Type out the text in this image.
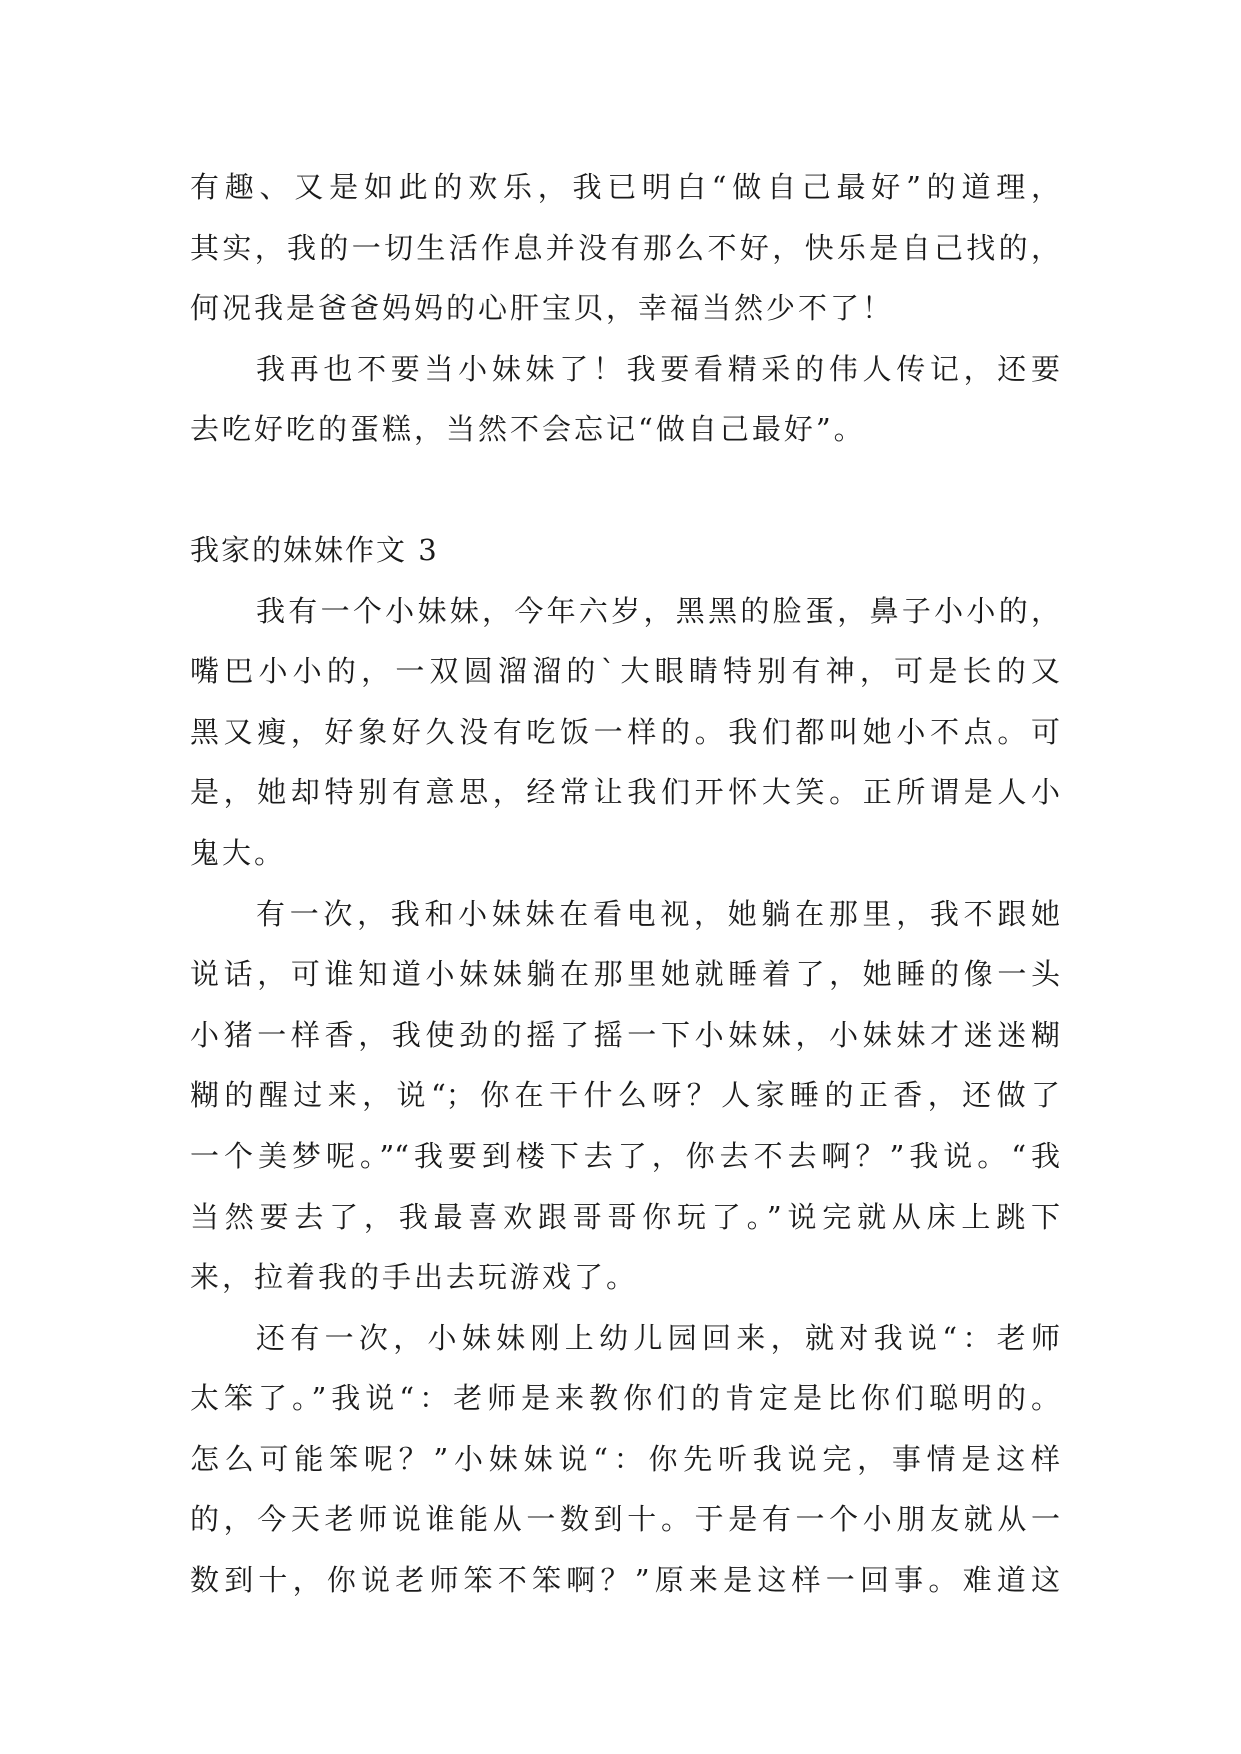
有趣、又是如此的欢乐，我已明白“做自己最好”的道理，
其实，我的一切生活作息并没有那么不好，快乐是自己找的，
何况我是爸爸妈妈的心肝宝贝，幸福当然少不了！
我再也不要当小妹妹了！我要看精采的伟人传记，还要
去吃好吃的蛋糕，当然不会忘记“做自己最好”。
我家的妹妹作文 3
我有一个小妹妹，今年六岁，黑黑的脸蛋，鼻子小小的，
嘴巴小小的，一双圆溜溜的`大眼睛特别有神，可是长的又
黑又瘦，好象好久没有吃饭一样的。我们都叫她小不点。可
是，她却特别有意思，经常让我们开怀大笑。正所谓是人小
鬼大。
有一次，我和小妹妹在看电视，她躺在那里，我不跟她
说话，可谁知道小妹妹躺在那里她就睡着了，她睡的像一头
小猪一样香，我使劲的摇了摇一下小妹妹，小妹妹才迷迷糊
糊的醒过来，说“；你在干什么呀？人家睡的正香，还做了
一个美梦呢。”“我要到楼下去了，你去不去啊？”我说。“我
当然要去了，我最喜欢跟哥哥你玩了。”说完就从床上跳下
来，拉着我的手出去玩游戏了。
还有一次，小妹妹刚上幼儿园回来，就对我说“：老师
太笨了。”我说“：老师是来教你们的肯定是比你们聪明的。
怎么可能笨呢？”小妹妹说“：你先听我说完，事情是这样
的，今天老师说谁能从一数到十。于是有一个小朋友就从一
数到十，你说老师笨不笨啊？”原来是这样一回事。难道这
